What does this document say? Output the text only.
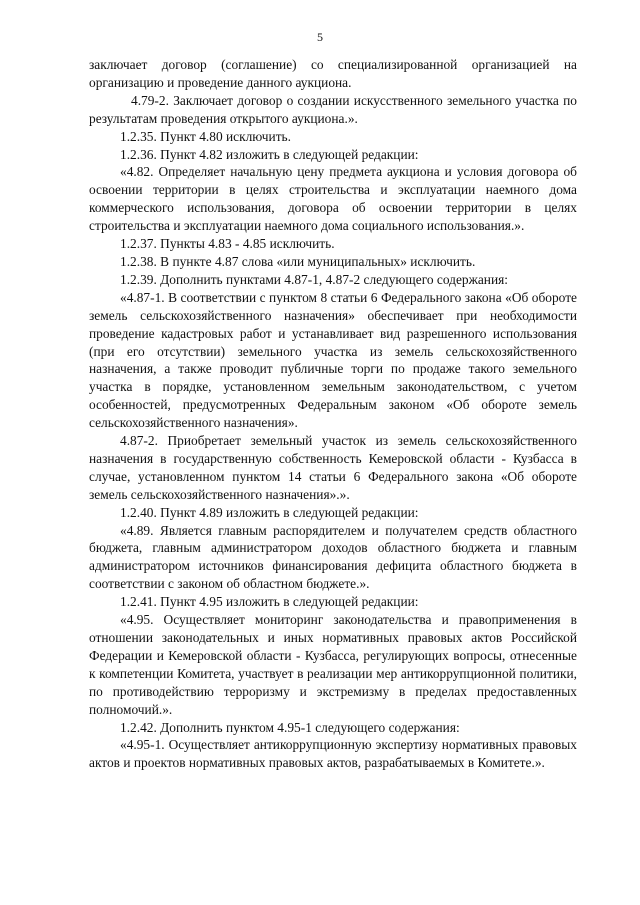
5

заключает договор (соглашение) со специализированной организацией на организацию и проведение данного аукциона.

4.79-2. Заключает договор о создании искусственного земельного участка по результатам проведения открытого аукциона.».

1.2.35. Пункт 4.80 исключить.

1.2.36. Пункт 4.82 изложить в следующей редакции:

«4.82. Определяет начальную цену предмета аукциона и условия договора об освоении территории в целях строительства и эксплуатации наемного дома коммерческого использования, договора об освоении территории в целях строительства и эксплуатации наемного дома социального использования.».

1.2.37. Пункты 4.83 - 4.85 исключить.

1.2.38. В пункте 4.87 слова «или муниципальных» исключить.

1.2.39. Дополнить пунктами 4.87-1, 4.87-2 следующего содержания:

«4.87-1. В соответствии с пунктом 8 статьи 6 Федерального закона «Об обороте земель сельскохозяйственного назначения» обеспечивает при необходимости проведение кадастровых работ и устанавливает вид разрешенного использования (при его отсутствии) земельного участка из земель сельскохозяйственного назначения, а также проводит публичные торги по продаже такого земельного участка в порядке, установленном земельным законодательством, с учетом особенностей, предусмотренных Федеральным законом «Об обороте земель сельскохозяйственного назначения».

4.87-2. Приобретает земельный участок из земель сельскохозяйственного назначения в государственную собственность Кемеровской области - Кузбасса в случае, установленном пунктом 14 статьи 6 Федерального закона «Об обороте земель сельскохозяйственного назначения».».

1.2.40. Пункт 4.89 изложить в следующей редакции:

«4.89. Является главным распорядителем и получателем средств областного бюджета, главным администратором доходов областного бюджета и главным администратором источников финансирования дефицита областного бюджета в соответствии с законом об областном бюджете.».

1.2.41. Пункт 4.95 изложить в следующей редакции:

«4.95. Осуществляет мониторинг законодательства и правоприменения в отношении законодательных и иных нормативных правовых актов Российской Федерации и Кемеровской области - Кузбасса, регулирующих вопросы, отнесенные к компетенции Комитета, участвует в реализации мер антикоррупционной политики, по противодействию терроризму и экстремизму в пределах предоставленных полномочий.».

1.2.42. Дополнить пунктом 4.95-1 следующего содержания:

«4.95-1. Осуществляет антикоррупционную экспертизу нормативных правовых актов и проектов нормативных правовых актов, разрабатываемых в Комитете.».
